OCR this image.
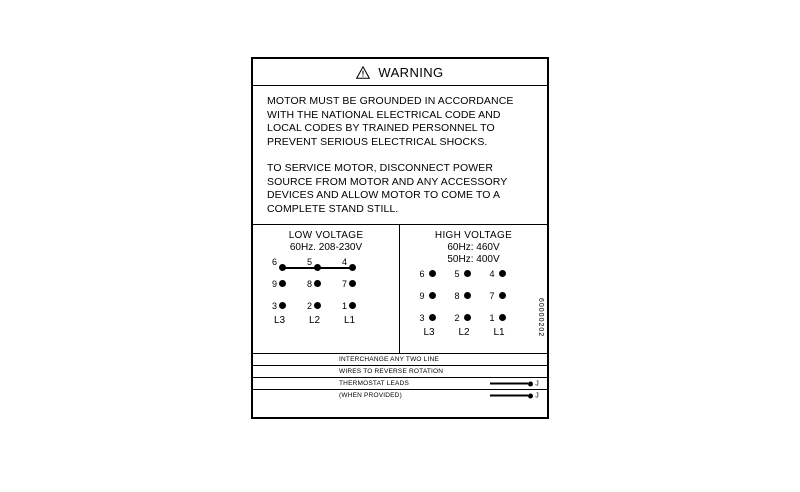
WARNING

MOTOR MUST BE GROUNDED IN ACCORDANCE WITH THE NATIONAL ELECTRICAL CODE AND LOCAL CODES BY TRAINED PERSONNEL TO PREVENT SERIOUS ELECTRICAL SHOCKS.

TO SERVICE MOTOR, DISCONNECT POWER SOURCE FROM MOTOR AND ANY ACCESSORY DEVICES AND ALLOW MOTOR TO COME TO A COMPLETE STAND STILL.

LOW VOLTAGE
60Hz. 208-230V
6	5	4
9	8	7
3	2	1
L3 L2 L1
HIGH VOLTAGE
60Hz: 460V
50Hz: 400V
6	5	4
9	8	7
3	2	1
L3 L2 L1	60000202
INTERCHANGE ANY TWO LINE
WIRES TO REVERSE ROTATION
THERMOSTAT LEADS	J
(WHEN PROVIDED)	J
